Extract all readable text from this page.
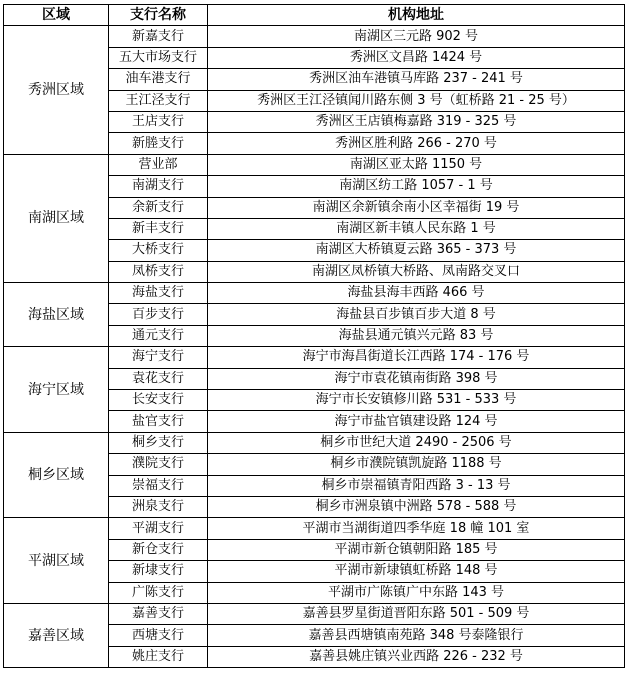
区域	支行名称	机构地址
秀洲区域	新嘉支行	南湖区三元路 902 号
	五大市场支行	秀洲区文昌路 1424 号
	油车港支行	秀洲区油车港镇马库路 237 - 241 号
	王江泾支行	秀洲区王江泾镇闻川路东侧 3 号（虹桥路 21 - 25 号）
	王店支行	秀洲区王店镇梅嘉路 319 - 325 号
	新塍支行	秀洲区胜利路 266 - 270 号
南湖区域	营业部	南湖区亚太路 1150 号
	南湖支行	南湖区纺工路 1057 - 1 号
	余新支行	南湖区余新镇余南小区幸福街 19 号
	新丰支行	南湖区新丰镇人民东路 1 号
	大桥支行	南湖区大桥镇夏云路 365 - 373 号
	凤桥支行	南湖区凤桥镇大桥路、凤南路交叉口
海盐区域	海盐支行	海盐县海丰西路 466 号
	百步支行	海盐县百步镇百步大道 8 号
	通元支行	海盐县通元镇兴元路 83 号
海宁区域	海宁支行	海宁市海昌街道长江西路 174 - 176 号
	袁花支行	海宁市袁花镇南街路 398 号
	长安支行	海宁市长安镇修川路 531 - 533 号
	盐官支行	海宁市盐官镇建设路 124 号
桐乡区域	桐乡支行	桐乡市世纪大道 2490 - 2506 号
	濮院支行	桐乡市濮院镇凯旋路 1188 号
	崇福支行	桐乡市崇福镇青阳西路 3 - 13 号
	洲泉支行	桐乡市洲泉镇中洲路 578 - 588 号
平湖区域	平湖支行	平湖市当湖街道四季华庭 18 幢 101 室
	新仓支行	平湖市新仓镇朝阳路 185 号
	新埭支行	平湖市新埭镇虹桥路 148 号
	广陈支行	平湖市广陈镇广中东路 143 号
嘉善区域	嘉善支行	嘉善县罗星街道晋阳东路 501 - 509 号
	西塘支行	嘉善县西塘镇南苑路 348 号泰隆银行
	姚庄支行	嘉善县姚庄镇兴业西路 226 - 232 号
